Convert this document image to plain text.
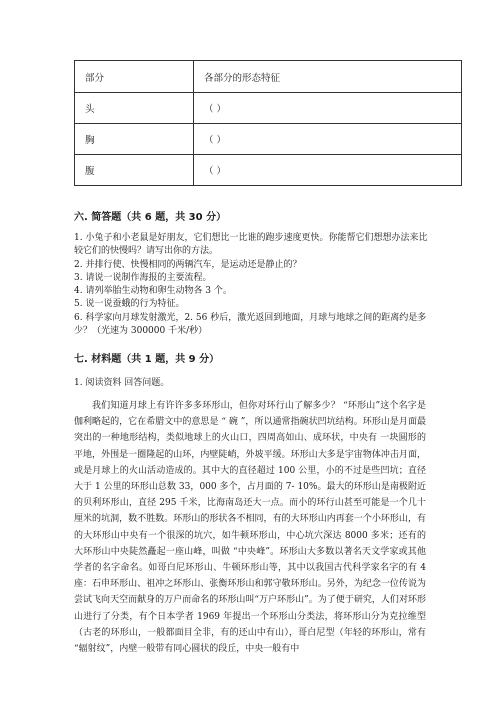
部分	各部分的形态特征
头	（ ）
胸	（ ）
腹	（ ）
六. 简答题（共 6 题，共 30 分）

1. 小兔子和小老鼠是好朋友，它们想比一比谁的跑步速度更快。你能帮它们想想办法来比较它们的快慢吗？请写出你的方法。

2. 并排行使、快慢相同的两辆汽车，是运动还是静止的？

3. 请说一说制作海报的主要流程。

4. 请列举胎生动物和卵生动物各 3 个。

5. 说一说蚕蛾的行为特征。

6. 科学家向月球发射激光，2. 56 秒后，激光返回到地面，月球与地球之间的距离约是多少？（光速为 300000 千米/秒）

七. 材料题（共 1 题，共 9 分）
1. 阅读资料 回答问题。

我们知道月球上有许许多多环形山，但你对环行山了解多少？ “环形山”这个名字是伽利略起的，它在希腊文中的意思是 “ 碗 ”，所以通常指碗状凹坑结构。环形山是月面最突出的一种地形结构，类似地球上的火山口，四周高如山、成环状，中央有 一块圆形的平地，外围是一圈隆起的山环，内壁陡峭，外坡平缓。环形山大多是宇宙物体冲击月面，或是月球上的火山活动造成的。其中大的直径超过 100 公里，小的不过是些凹坑；直径大于 1 公里的环形山总数 33，000 多个，占月面的 7- 10%。最大的环形山是南极附近的贝利环形山，直径 295 千米，比海南岛还大一点。而小的环行山甚至可能是一个几十厘米的坑洞，数不胜数。环形山的形状各不相同，有的大环形山内再套一个小环形山，有的大环形山中央有一个很深的坑穴，如牛顿环形山，中心坑穴深达 8000 多米；还有的大环形山中央陡然矗起一座山峰，叫做 “中央峰”。环形山大多数以著名天文学家或其他学者的名字命名。如哥白尼环形山、牛顿环形山等，其中以我国古代科学家名字的有 4 座：石申环形山、祖冲之环形山、张衡环形山和郭守敬环形山。另外，为纪念一位传说为尝试飞向天空而献身的万户而命名的环形山叫“万户环形山”。为了便于研究，人们对环形山进行了分类，有个日本学者 1969 年提出一个环形山分类法，将环形山分为克拉维型（古老的环形山，一般都面目全非，有的还山中有山），哥白尼型（年轻的环形山，常有 “辐射纹”，内壁一般带有同心圆状的段丘，中央一般有中
